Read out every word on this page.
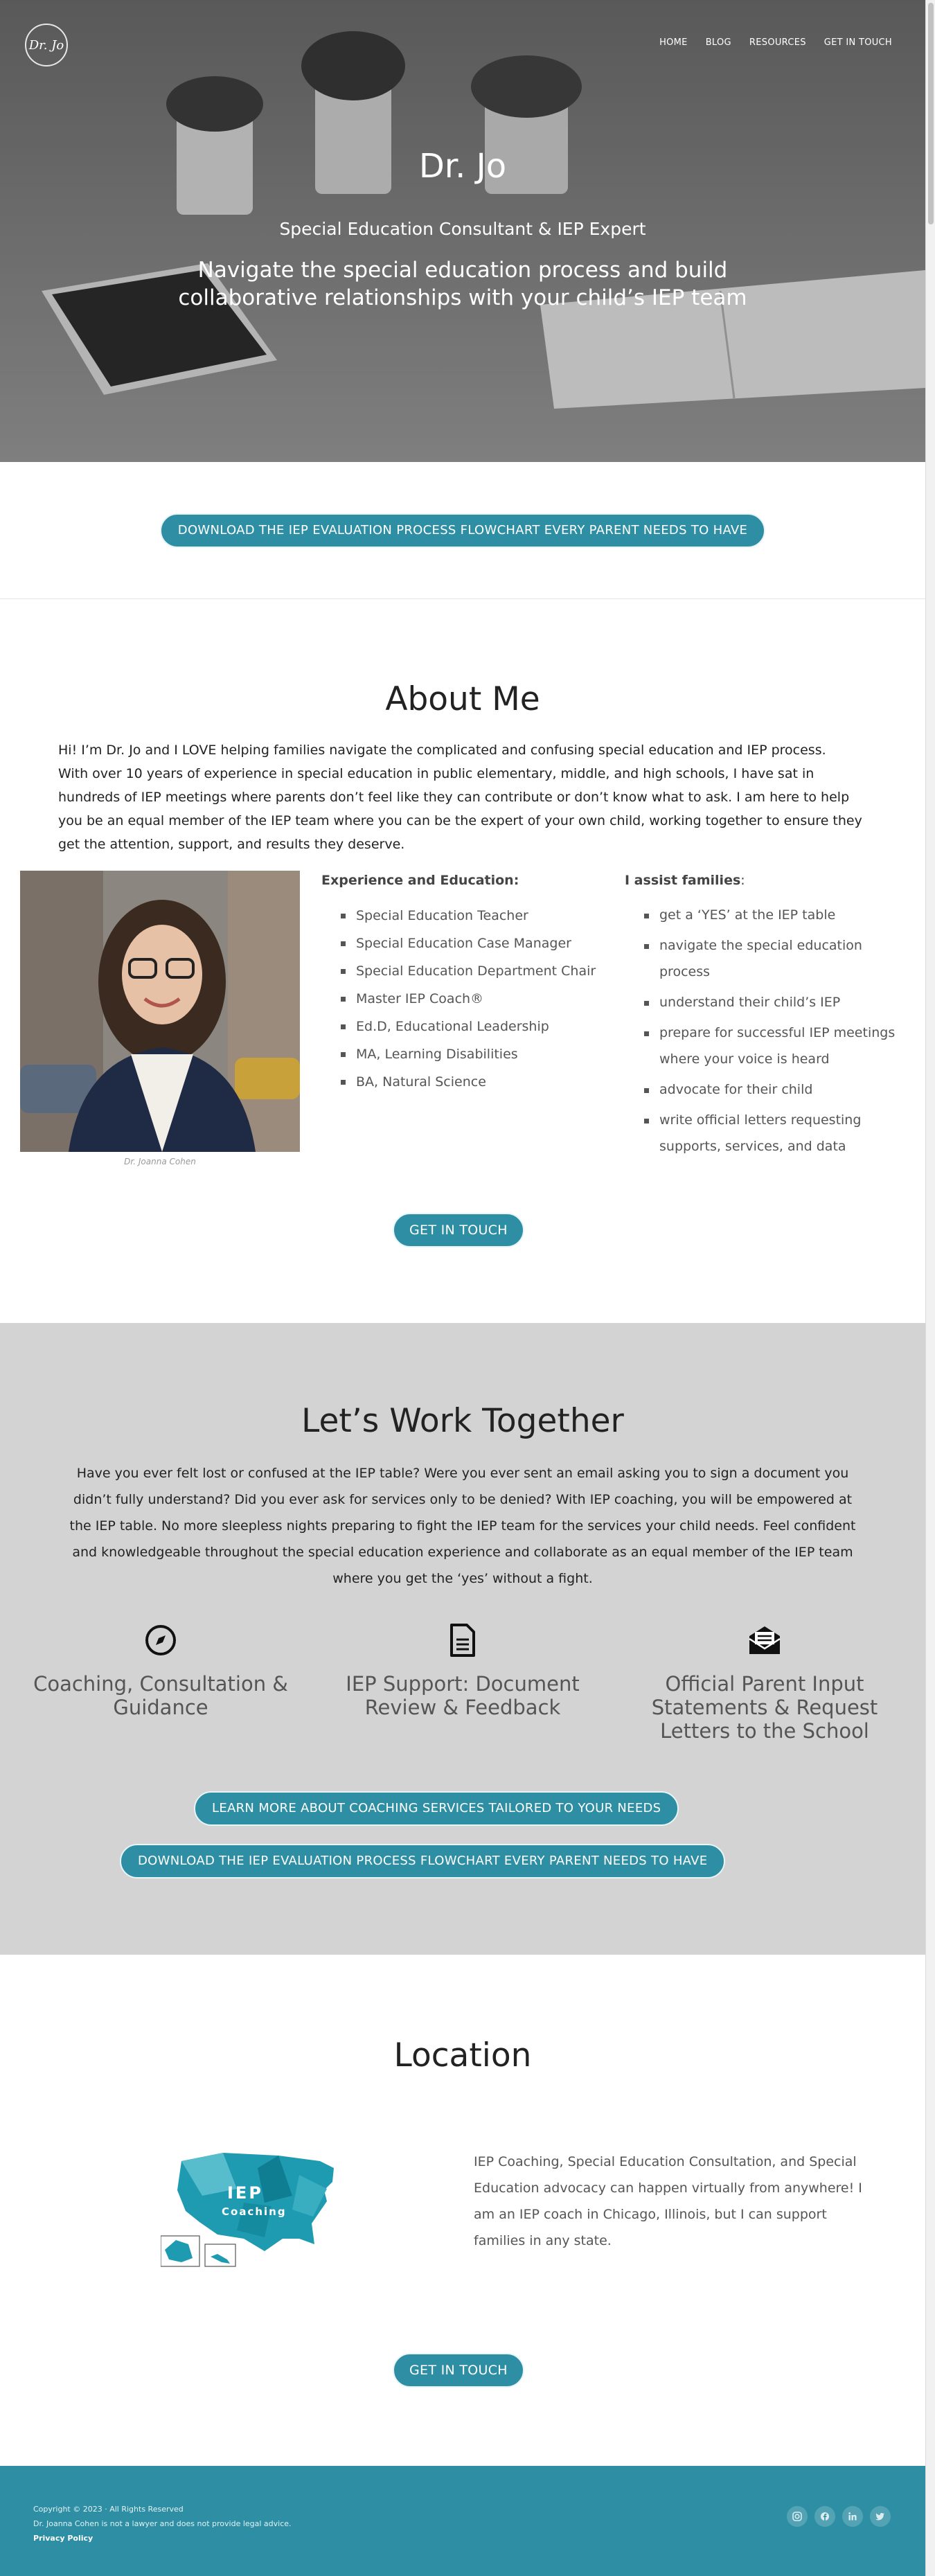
Dr. Jo	HOME BLOG RESOURCES GET IN TOUCH
Dr. Jo
Special Education Consultant & IEP Expert
Navigate the special education process and build collaborative relationships with your child’s IEP team
DOWNLOAD THE IEP EVALUATION PROCESS FLOWCHART EVERY PARENT NEEDS TO HAVE
About Me

Hi! I’m Dr. Jo and I LOVE helping families navigate the complicated and confusing special education and IEP process.

With over 10 years of experience in special education in public elementary, middle, and high schools, I have sat in hundreds of IEP meetings where parents don’t feel like they can contribute or don’t know what to ask. I am here to help you be an equal member of the IEP team where you can be the expert of your own child, working together to ensure they get the attention, support, and results they deserve.

Dr. Joanna Cohen
Experience and Education:
Special Education Teacher
Special Education Case Manager
Special Education Department Chair
Master IEP Coach®
Ed.D, Educational Leadership
MA, Learning Disabilities
BA, Natural Science
I assist families:
get a ‘YES’ at the IEP table
navigate the special education process
understand their child’s IEP
prepare for successful IEP meetings where your voice is heard
advocate for their child
write official letters requesting supports, services, and data
GET IN TOUCH
Let’s Work Together

Have you ever felt lost or confused at the IEP table? Were you ever sent an email asking you to sign a document you didn’t fully understand? Did you ever ask for services only to be denied? With IEP coaching, you will be empowered at the IEP table. No more sleepless nights preparing to fight the IEP team for the services your child needs. Feel confident and knowledgeable throughout the special education experience and collaborate as an equal member of the IEP team where you get the ‘yes’ without a fight.

Coaching, Consultation & Guidance
IEP Support: Document Review & Feedback
Official Parent Input Statements & Request Letters to the School
LEARN MORE ABOUT COACHING SERVICES TAILORED TO YOUR NEEDS
DOWNLOAD THE IEP EVALUATION PROCESS FLOWCHART EVERY PARENT NEEDS TO HAVE
Location
IEP
Coaching

IEP Coaching, Special Education Consultation, and Special Education advocacy can happen virtually from anywhere! I am an IEP coach in Chicago, Illinois, but I can support families in any state.

GET IN TOUCH
Copyright © 2023 · All Rights Reserved
Dr. Joanna Cohen is not a lawyer and does not provide legal advice.
Privacy Policy
